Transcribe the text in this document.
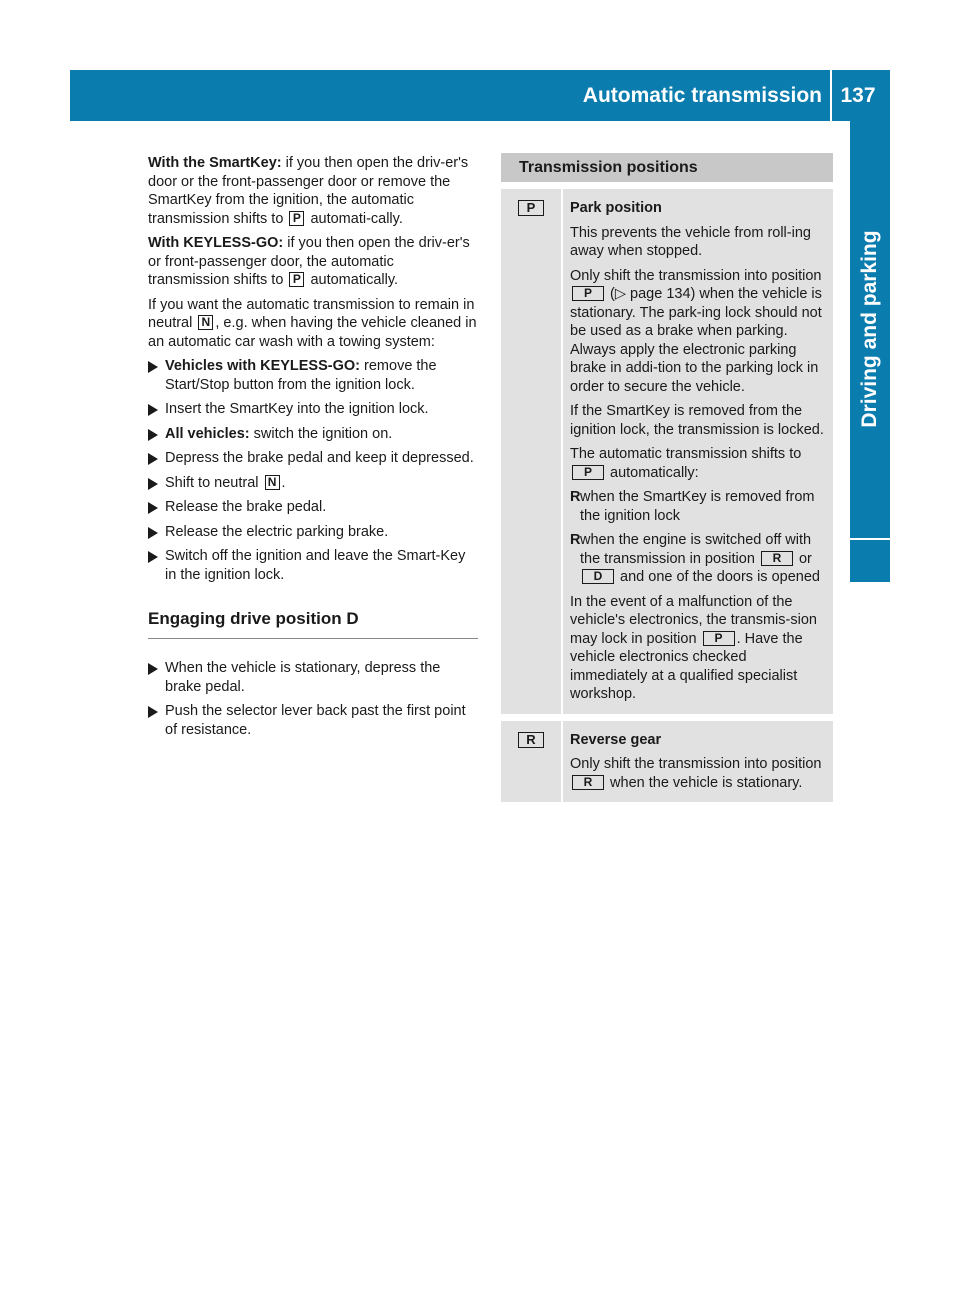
Automatic transmission 137
Driving and parking

With the SmartKey: if you then open the driv-er's door or the front-passenger door or remove the SmartKey from the ignition, the automatic transmission shifts to P automati-cally.

With KEYLESS-GO: if you then open the driv-er's or front-passenger door, the automatic transmission shifts to P automatically.

If you want the automatic transmission to remain in neutral N , e.g. when having the vehicle cleaned in an automatic car wash with a towing system:

Vehicles with KEYLESS-GO: remove the Start/Stop button from the ignition lock.
Insert the SmartKey into the ignition lock.
All vehicles: switch the ignition on.
Depress the brake pedal and keep it depressed.
Shift to neutral N .
Release the brake pedal.
Release the electric parking brake.
Switch off the ignition and leave the Smart-Key in the ignition lock.
Engaging drive position D
When the vehicle is stationary, depress the brake pedal.
Push the selector lever back past the first point of resistance.
Transmission positions
P	Park position

This prevents the vehicle from roll-ing away when stopped.

Only shift the transmission into position P (▷ page 134) when the vehicle is stationary. The park-ing lock should not be used as a brake when parking. Always apply the electronic parking brake in addi-tion to the parking lock in order to secure the vehicle.

If the SmartKey is removed from the ignition lock, the transmission is locked.

The automatic transmission shifts to P automatically:

R when the SmartKey is removed from the ignition lock
R when the engine is switched off with the transmission in position R or D and one of the doors is opened

In the event of a malfunction of the vehicle's electronics, the transmis-sion may lock in position P . Have the vehicle electronics checked immediately at a qualified specialist workshop.

R	Reverse gear

Only shift the transmission into position R when the vehicle is stationary.
